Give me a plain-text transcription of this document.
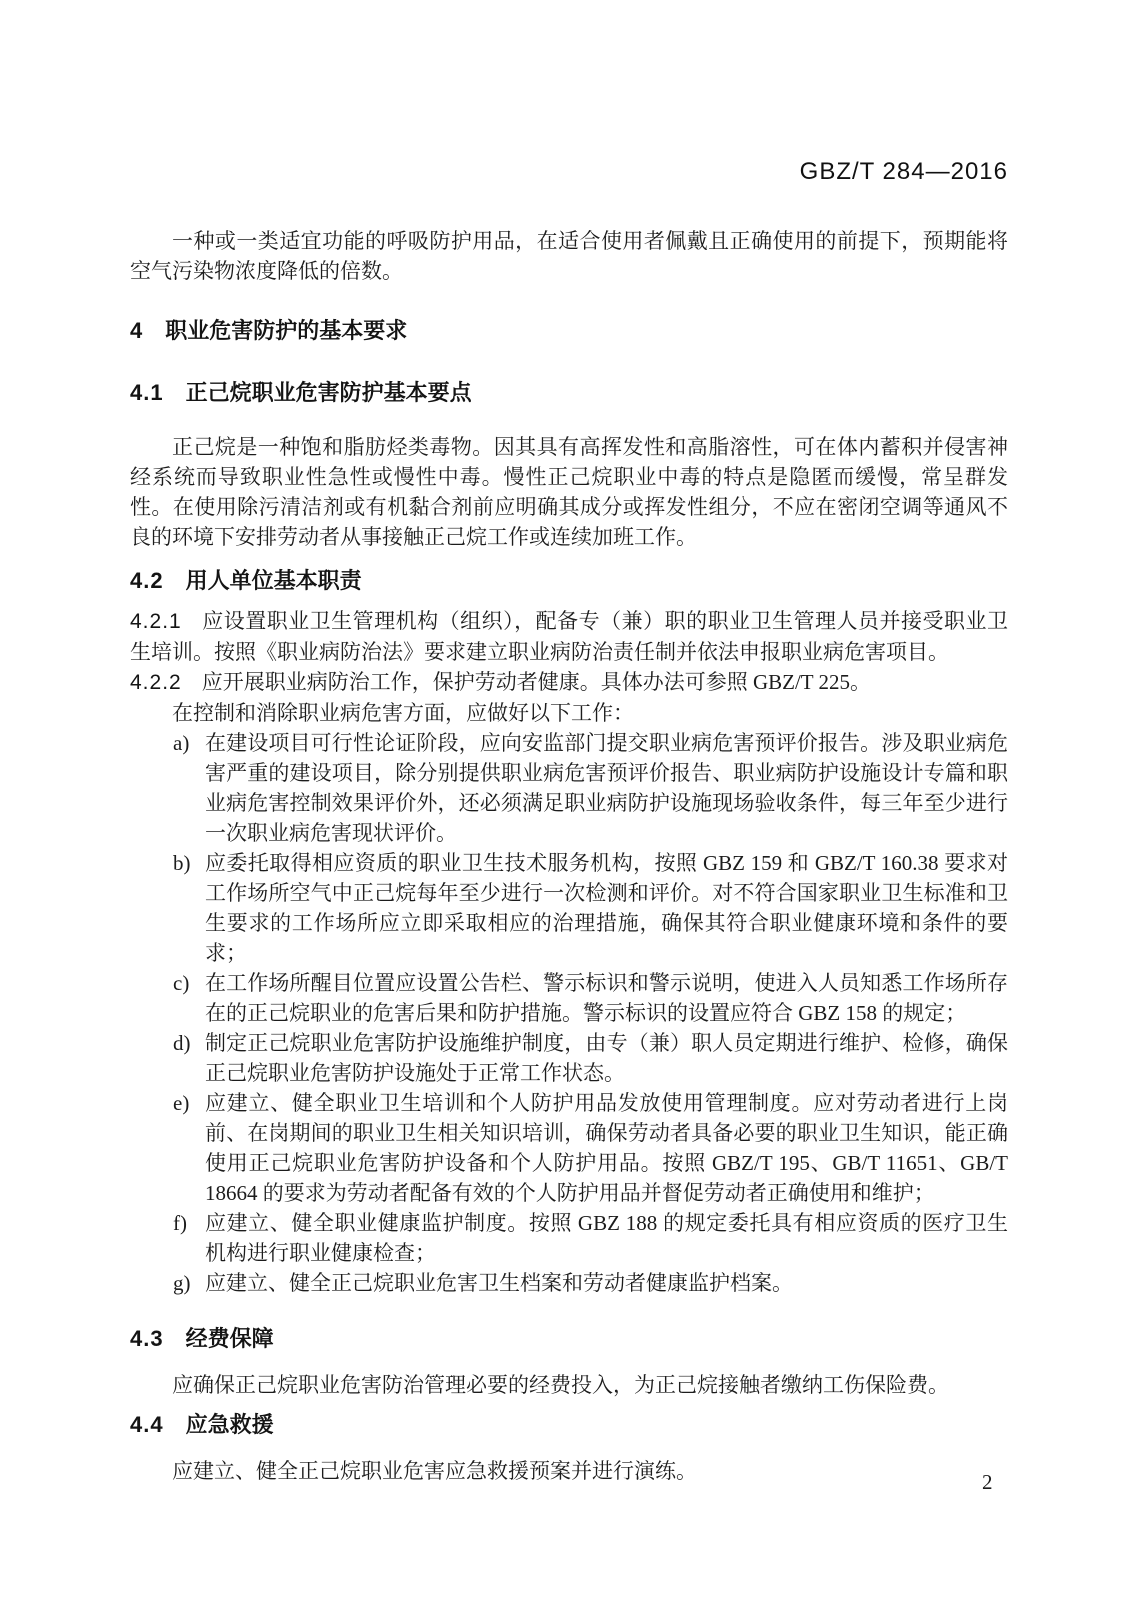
GBZ/T 284—2016

一种或一类适宜功能的呼吸防护用品，在适合使用者佩戴且正确使用的前提下，预期能将空气污染物浓度降低的倍数。

4 职业危害防护的基本要求
4.1 正己烷职业危害防护基本要点

正己烷是一种饱和脂肪烃类毒物。因其具有高挥发性和高脂溶性，可在体内蓄积并侵害神经系统而导致职业性急性或慢性中毒。慢性正己烷职业中毒的特点是隐匿而缓慢，常呈群发性。在使用除污清洁剂或有机黏合剂前应明确其成分或挥发性组分，不应在密闭空调等通风不良的环境下安排劳动者从事接触正己烷工作或连续加班工作。

4.2 用人单位基本职责

4.2.1 应设置职业卫生管理机构（组织），配备专（兼）职的职业卫生管理人员并接受职业卫生培训。按照《职业病防治法》要求建立职业病防治责任制并依法申报职业病危害项目。

4.2.2 应开展职业病防治工作，保护劳动者健康。具体办法可参照 GBZ/T 225。

在控制和消除职业病危害方面，应做好以下工作：

a) 在建设项目可行性论证阶段，应向安监部门提交职业病危害预评价报告。涉及职业病危害严重的建设项目，除分别提供职业病危害预评价报告、职业病防护设施设计专篇和职业病危害控制效果评价外，还必须满足职业病防护设施现场验收条件，每三年至少进行一次职业病危害现状评价。

b) 应委托取得相应资质的职业卫生技术服务机构，按照 GBZ 159 和 GBZ/T 160.38 要求对工作场所空气中正己烷每年至少进行一次检测和评价。对不符合国家职业卫生标准和卫生要求的工作场所应立即采取相应的治理措施，确保其符合职业健康环境和条件的要求；

c) 在工作场所醒目位置应设置公告栏、警示标识和警示说明，使进入人员知悉工作场所存在的正己烷职业的危害后果和防护措施。警示标识的设置应符合 GBZ 158 的规定；

d) 制定正己烷职业危害防护设施维护制度，由专（兼）职人员定期进行维护、检修，确保正己烷职业危害防护设施处于正常工作状态。

e) 应建立、健全职业卫生培训和个人防护用品发放使用管理制度。应对劳动者进行上岗前、在岗期间的职业卫生相关知识培训，确保劳动者具备必要的职业卫生知识，能正确使用正己烷职业危害防护设备和个人防护用品。按照 GBZ/T 195、GB/T 11651、GB/T 18664 的要求为劳动者配备有效的个人防护用品并督促劳动者正确使用和维护；

f) 应建立、健全职业健康监护制度。按照 GBZ 188 的规定委托具有相应资质的医疗卫生机构进行职业健康检查；

g) 应建立、健全正己烷职业危害卫生档案和劳动者健康监护档案。

4.3 经费保障

应确保正己烷职业危害防治管理必要的经费投入，为正己烷接触者缴纳工伤保险费。

4.4 应急救援

应建立、健全正己烷职业危害应急救援预案并进行演练。	2
